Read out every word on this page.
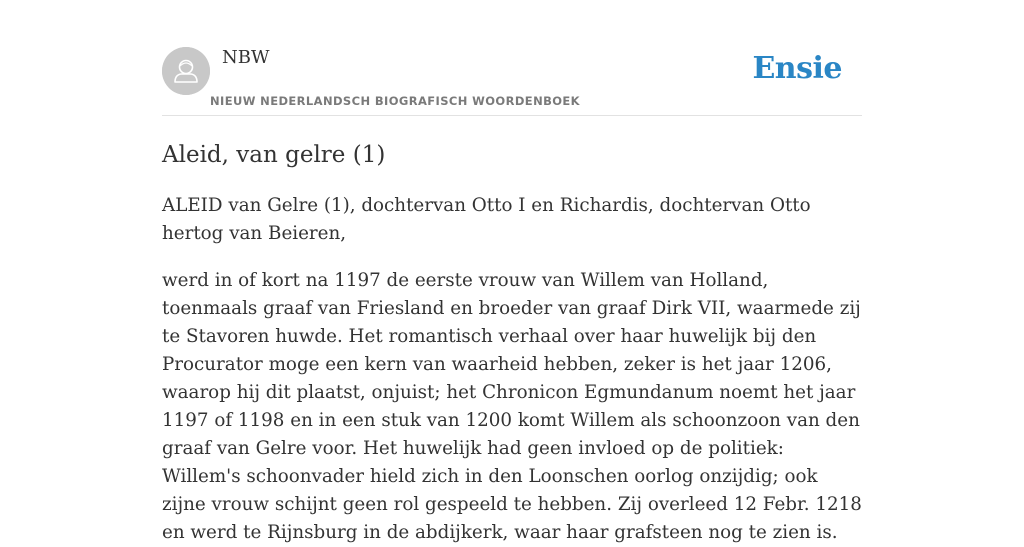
NBW
NIEUW NEDERLANDSCH BIOGRAFISCH WOORDENBOEK
Ensie
Aleid, van gelre (1)

ALEID van Gelre (1), dochtervan Otto I en Richardis, dochtervan Otto hertog van Beieren,

werd in of kort na 1197 de eerste vrouw van Willem van Holland, toenmaals graaf van Friesland en broeder van graaf Dirk VII, waarmede zij te Stavoren huwde. Het romantisch verhaal over haar huwelijk bij den Procurator moge een kern van waarheid hebben, zeker is het jaar 1206, waarop hij dit plaatst, onjuist; het Chronicon Egmundanum noemt het jaar 1197 of 1198 en in een stuk van 1200 komt Willem als schoonzoon van den graaf van Gelre voor. Het huwelijk had geen invloed op de politiek: Willem's schoonvader hield zich in den Loonschen oorlog onzijdig; ook zijne vrouw schijnt geen rol gespeeld te hebben. Zij overleed 12 Febr. 1218 en werd te Rijnsburg in de abdijkerk, waar haar grafsteen nog te zien is.
